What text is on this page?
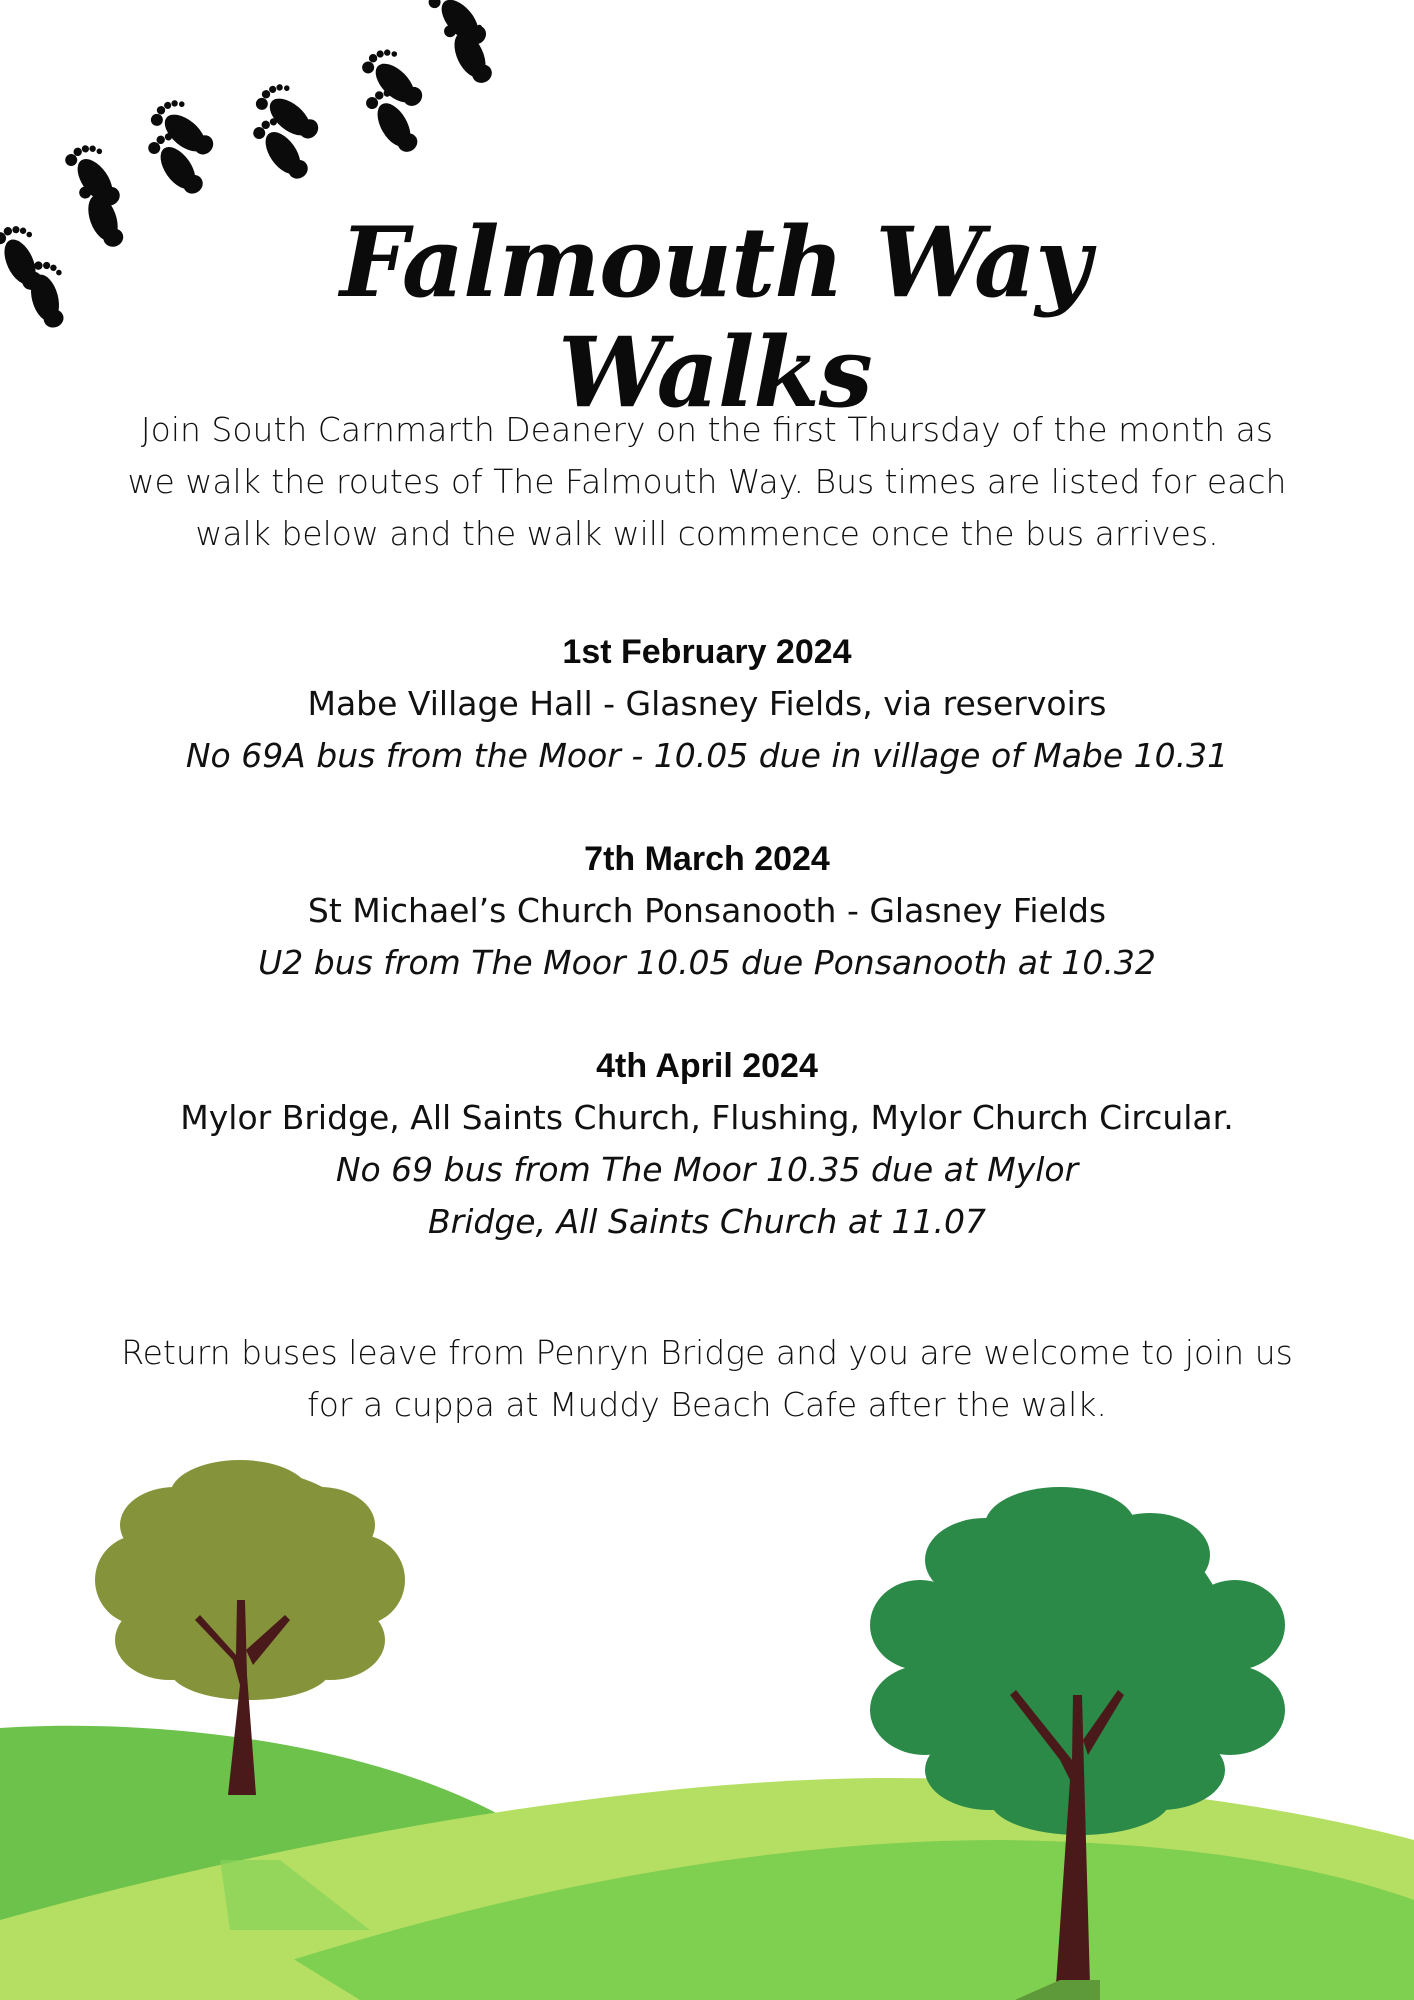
Falmouth Way Walks

Join South Carnmarth Deanery on the first Thursday of the month as we walk the routes of The Falmouth Way. Bus times are listed for each walk below and the walk will commence once the bus arrives.

1st February 2024

Mabe Village Hall - Glasney Fields, via reservoirs

No 69A bus from the Moor - 10.05 due in village of Mabe 10.31

7th March 2024

St Michael’s Church Ponsanooth - Glasney Fields

U2 bus from The Moor 10.05 due Ponsanooth at 10.32

4th April 2024

Mylor Bridge, All Saints Church, Flushing, Mylor Church Circular.

No 69 bus from The Moor 10.35 due at Mylor Bridge, All Saints Church at 11.07

Return buses leave from Penryn Bridge and you are welcome to join us for a cuppa at Muddy Beach Cafe after the walk.
